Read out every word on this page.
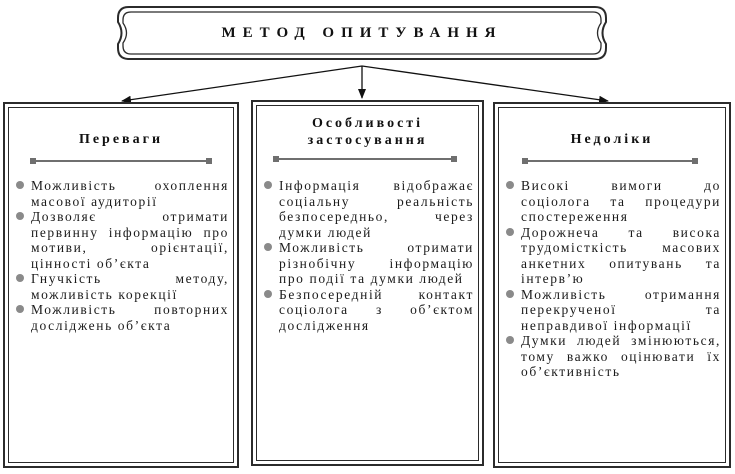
МЕТОД ОПИТУВАННЯ
Переваги
Можливість охоплення масової аудиторії
Дозволяє отримати первинну інформацію про мотиви, орієнтації, цінності об’єкта
Гнучкість методу, можливість корекції
Можливість повторних досліджень об’єкта
Особливості застосування
Інформація відображає соціальну реальність безпосередньо, через думки людей
Можливість отримати різнобічну інформацію про події та думки людей
Безпосередній контакт соціолога з об’єктом дослідження
Недоліки
Високі вимоги до соціолога та процедури спостереження
Дорожнеча та висока трудомісткість масових анкетних опитувань та інтерв’ю
Можливість отримання перекрученої та неправдивої інформації
Думки людей змінюються, тому важко оцінювати їх об’єктивність
